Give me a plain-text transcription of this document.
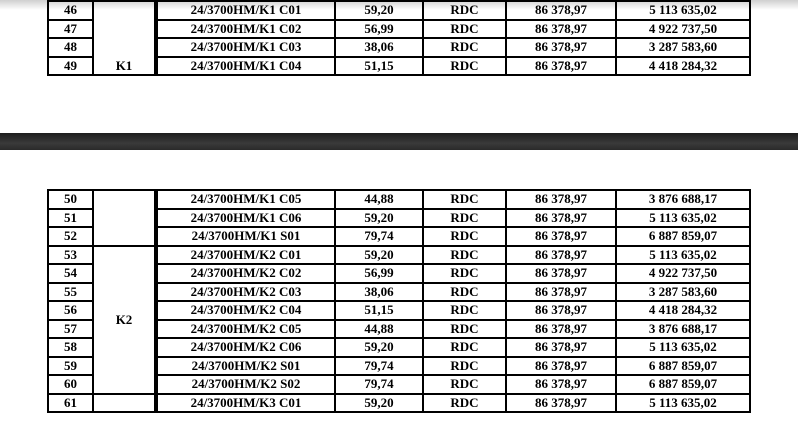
46	K1		24/3700HM/K1 C01	59,20	RDC	86 378,97	5 113 635,02
47			24/3700HM/K1 C02	56,99	RDC	86 378,97	4 922 737,50
48			24/3700HM/K1 C03	38,06	RDC	86 378,97	3 287 583,60
49			24/3700HM/K1 C04	51,15	RDC	86 378,97	4 418 284,32
50			24/3700HM/K1 C05	44,88	RDC	86 378,97	3 876 688,17
51			24/3700HM/K1 C06	59,20	RDC	86 378,97	5 113 635,02
52			24/3700HM/K1 S01	79,74	RDC	86 378,97	6 887 859,07
53	K2		24/3700HM/K2 C01	59,20	RDC	86 378,97	5 113 635,02
54			24/3700HM/K2 C02	56,99	RDC	86 378,97	4 922 737,50
55			24/3700HM/K2 C03	38,06	RDC	86 378,97	3 287 583,60
56			24/3700HM/K2 C04	51,15	RDC	86 378,97	4 418 284,32
57			24/3700HM/K2 C05	44,88	RDC	86 378,97	3 876 688,17
58			24/3700HM/K2 C06	59,20	RDC	86 378,97	5 113 635,02
59			24/3700HM/K2 S01	79,74	RDC	86 378,97	6 887 859,07
60			24/3700HM/K2 S02	79,74	RDC	86 378,97	6 887 859,07
61			24/3700HM/K3 C01	59,20	RDC	86 378,97	5 113 635,02
